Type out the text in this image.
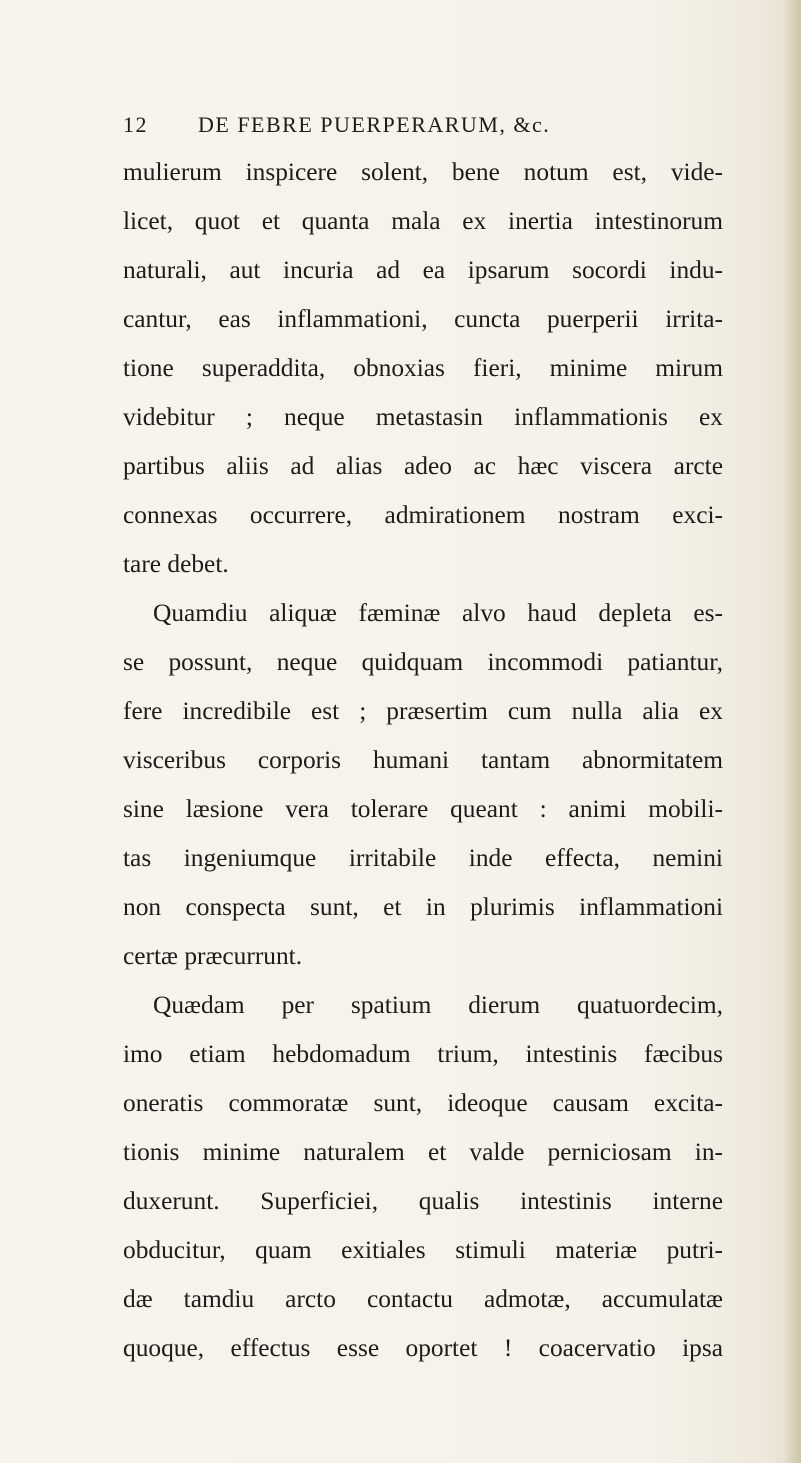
12 DE FEBRE PUERPERARUM, &c.
mulierum inspicere solent, bene notum est, vide-
licet, quot et quanta mala ex inertia intestinorum
naturali, aut incuria ad ea ipsarum socordi indu-
cantur, eas inflammationi, cuncta puerperii irrita-
tione superaddita, obnoxias fieri, minime mirum
videbitur ; neque metastasin inflammationis ex
partibus aliis ad alias adeo ac hæc viscera arcte
connexas occurrere, admirationem nostram exci-
tare debet.
Quamdiu aliquæ fæminæ alvo haud depleta es-
se possunt, neque quidquam incommodi patiantur,
fere incredibile est ; præsertim cum nulla alia ex
visceribus corporis humani tantam abnormitatem
sine læsione vera tolerare queant : animi mobili-
tas ingeniumque irritabile inde effecta, nemini
non conspecta sunt, et in plurimis inflammationi
certæ præcurrunt.
Quædam per spatium dierum quatuordecim,
imo etiam hebdomadum trium, intestinis fæcibus
oneratis commoratæ sunt, ideoque causam excita-
tionis minime naturalem et valde perniciosam in-
duxerunt. Superficiei, qualis intestinis interne
obducitur, quam exitiales stimuli materiæ putri-
dæ tamdiu arcto contactu admotæ, accumulatæ
quoque, effectus esse oportet ! coacervatio ipsa
